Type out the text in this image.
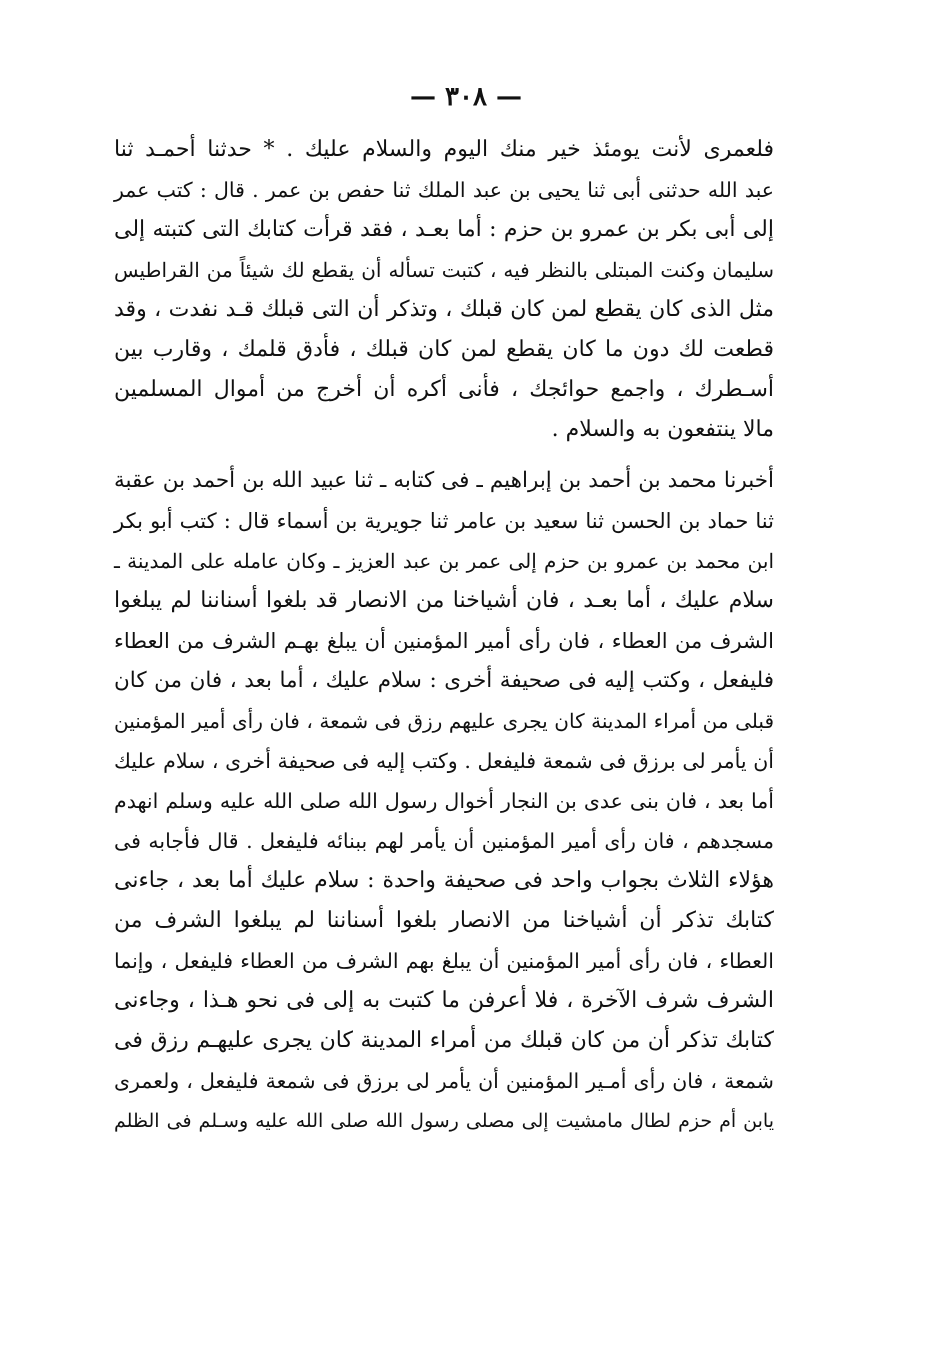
— ٣٠٨ —
فلعمرى لأنت يومئذ خير منك اليوم والسلام عليك . * حدثنا أحمـد ثنا
عبد الله حدثنى أبى ثنا يحيى بن عبد الملك ثنا حفص بن عمر . قال : كتب عمر
إلى أبى بكر بن عمرو بن حزم : أما بعـد ، فقد قرأت كتابك التى كتبته إلى
سليمان وكنت المبتلى بالنظر فيه ، كتبت تسأله أن يقطع لك شيئاً من القراطيس
مثل الذى كان يقطع لمن كان قبلك ، وتذكر أن التى قبلك قـد نفدت ، وقد
قطعت لك دون ما كان يقطع لمن كان قبلك ، فأدق قلمك ، وقارب بين
أسـطرك ، واجمع حوائجك ، فأنى أكره أن أخرج من أموال المسلمين
مالا ينتفعون به والسلام .
أخبرنا محمد بن أحمد بن إبراهيم ـ فى كتابه ـ ثنا عبيد الله بن أحمد بن عقبة
ثنا حماد بن الحسن ثنا سعيد بن عامر ثنا جويرية بن أسماء قال : كتب أبو بكر
ابن محمد بن عمرو بن حزم إلى عمر بن عبد العزيز ـ وكان عامله على المدينة ـ
سلام عليك ، أما بعـد ، فان أشياخنا من الانصار قد بلغوا أسناننا لم يبلغوا
الشرف من العطاء ، فان رأى أمير المؤمنين أن يبلغ بهـم الشرف من العطاء
فليفعل ، وكتب إليه فى صحيفة أخرى : سلام عليك ، أما بعد ، فان من كان
قبلى من أمراء المدينة كان يجرى عليهم رزق فى شمعة ، فان رأى أمير المؤمنين
أن يأمر لى برزق فى شمعة فليفعل . وكتب إليه فى صحيفة أخرى ، سلام عليك
أما بعد ، فان بنى عدى بن النجار أخوال رسول الله صلى الله عليه وسلم انهدم
مسجدهم ، فان رأى أمير المؤمنين أن يأمر لهم ببنائه فليفعل . قال فأجابه فى
هؤلاء الثلاث بجواب واحد فى صحيفة واحدة : سلام عليك أما بعد ، جاءنى
كتابك تذكر أن أشياخنا من الانصار بلغوا أسناننا لم يبلغوا الشرف من
العطاء ، فان رأى أمير المؤمنين أن يبلغ بهم الشرف من العطاء فليفعل ، وإنما
الشرف شرف الآخرة ، فلا أعرفن ما كتبت به إلى فى نحو هـذا ، وجاءنى
كتابك تذكر أن من كان قبلك من أمراء المدينة كان يجرى عليهـم رزق فى
شمعة ، فان رأى أمـير المؤمنين أن يأمر لى برزق فى شمعة فليفعل ، ولعمرى
يابن أم حزم لطال مامشيت إلى مصلى رسول الله صلى الله عليه وسـلم فى الظلم
